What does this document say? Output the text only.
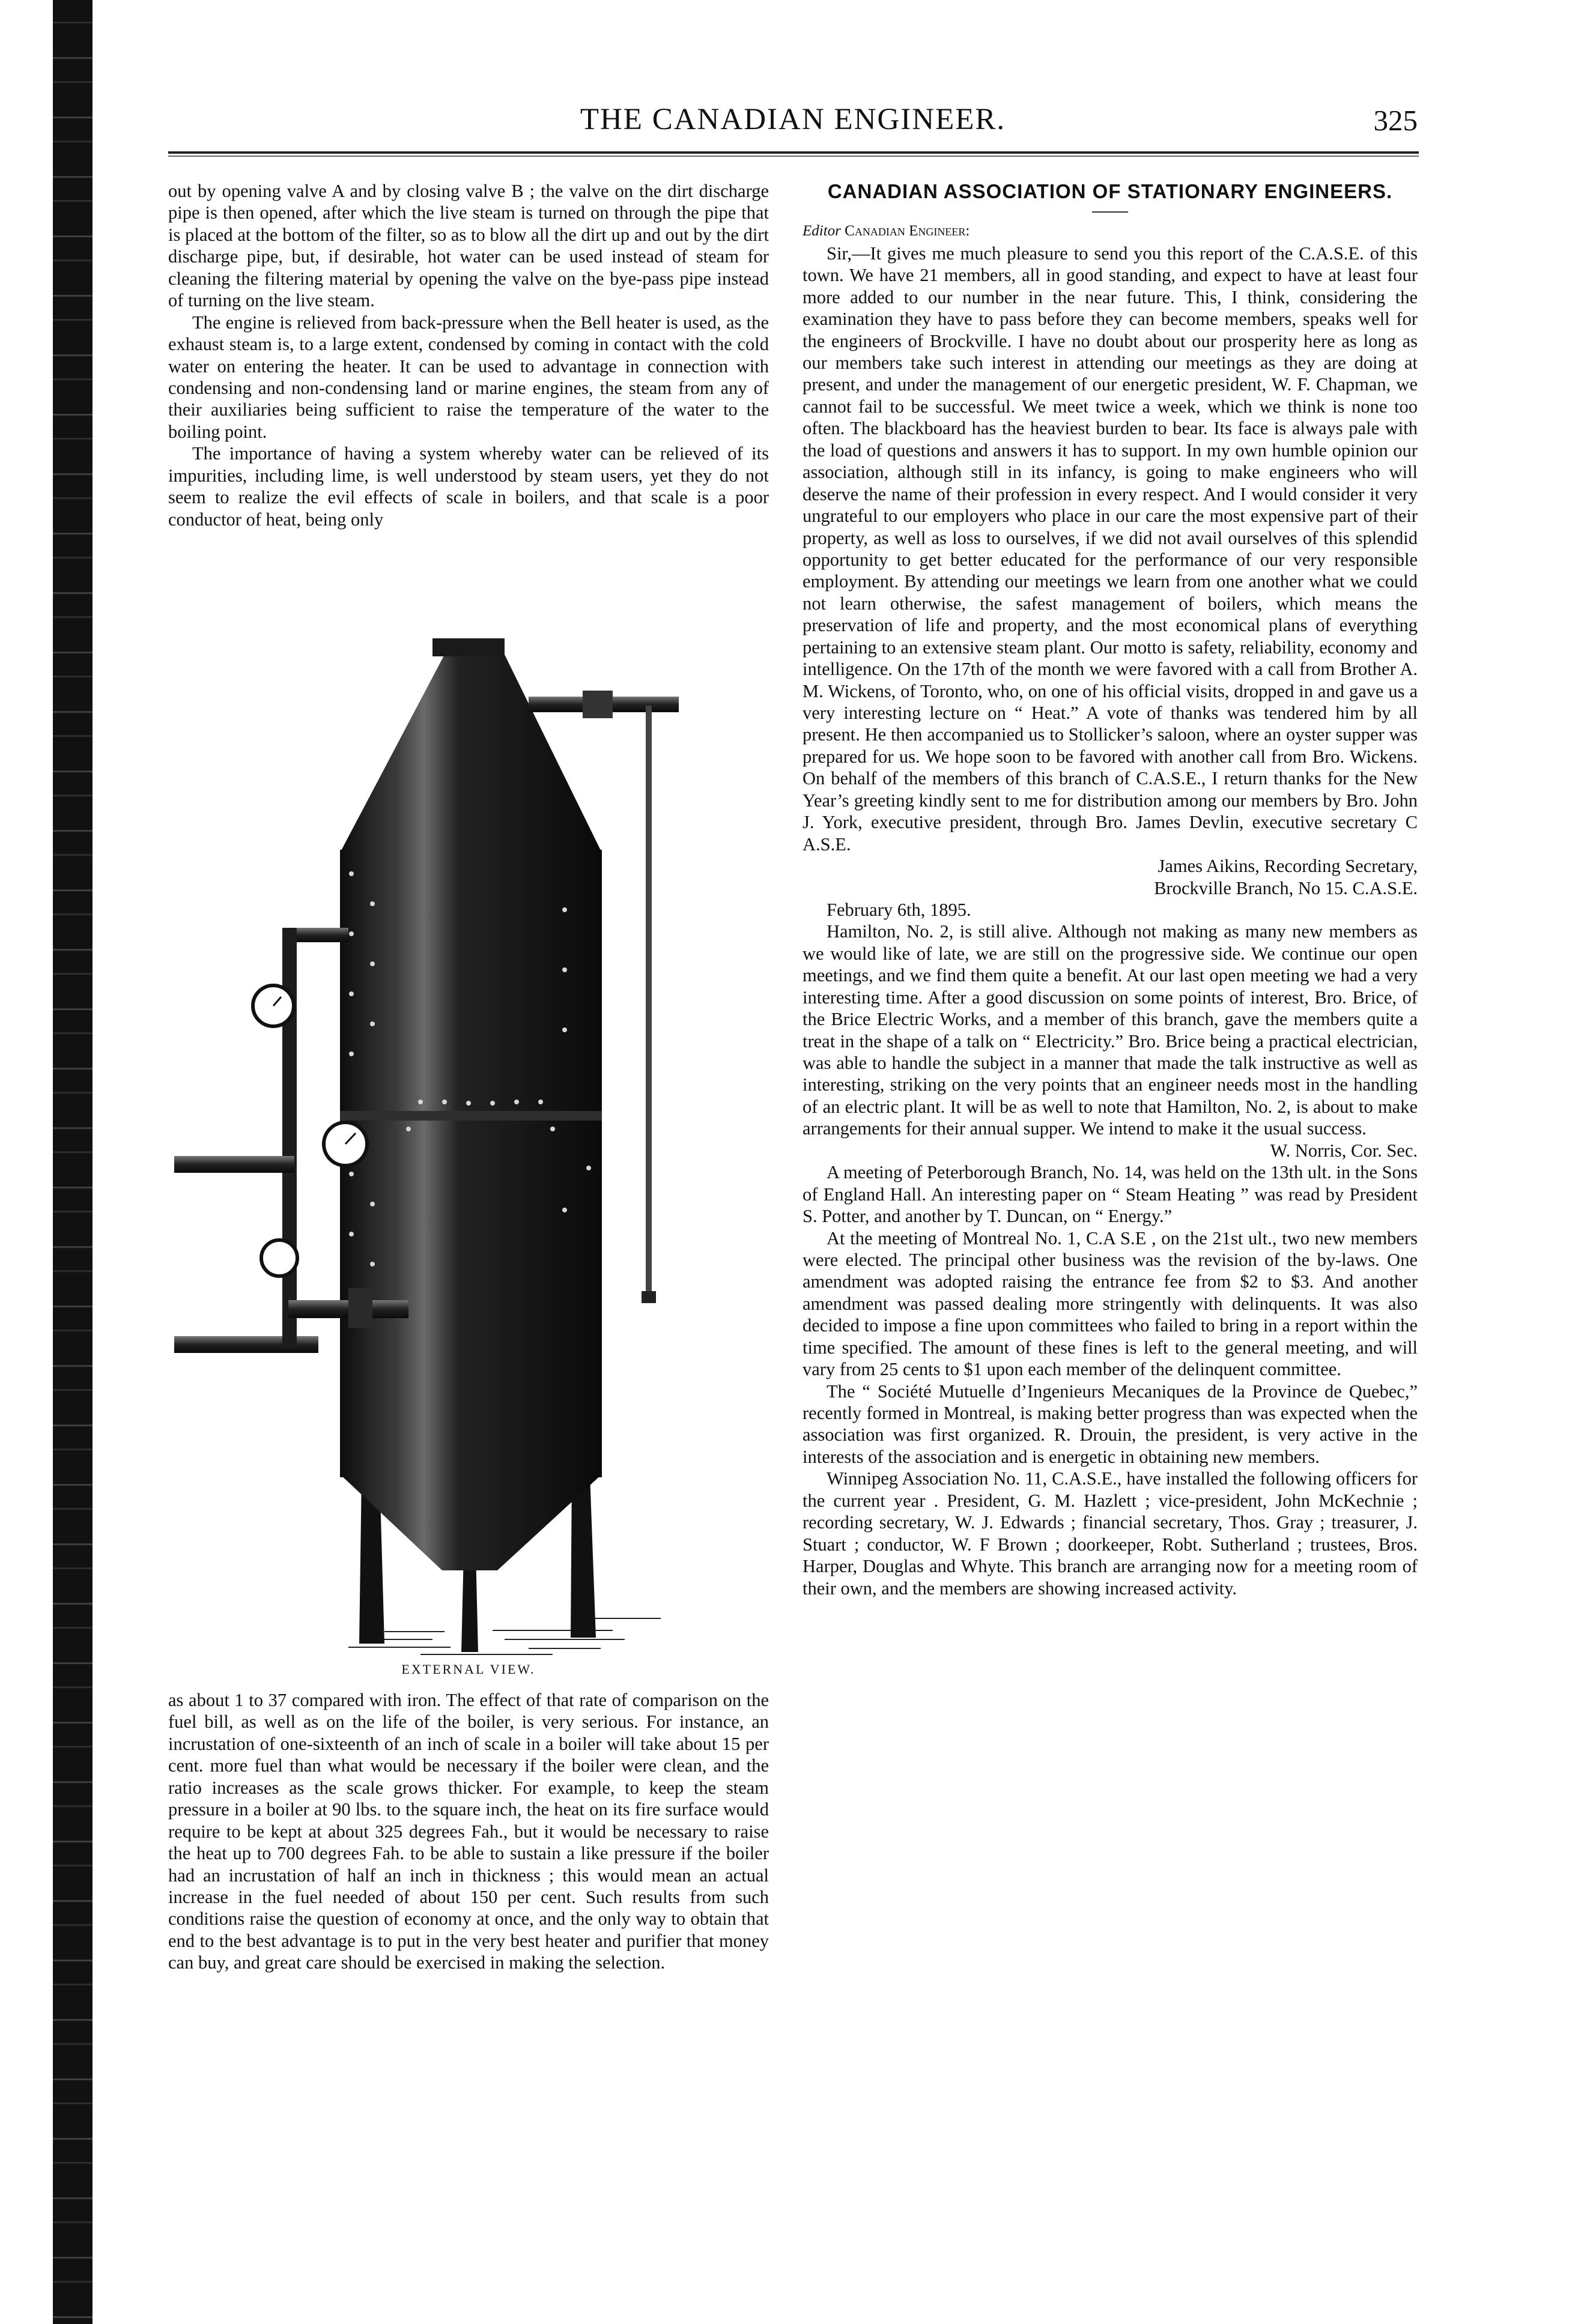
THE CANADIAN ENGINEER.	325

out by opening valve A and by closing valve B ; the valve on the dirt discharge pipe is then opened, after which the live steam is turned on through the pipe that is placed at the bottom of the filter, so as to blow all the dirt up and out by the dirt discharge pipe, but, if desirable, hot water can be used instead of steam for cleaning the filtering material by opening the valve on the bye-pass pipe instead of turning on the live steam.

The engine is relieved from back-pressure when the Bell heater is used, as the exhaust steam is, to a large extent, condensed by coming in contact with the cold water on entering the heater. It can be used to advantage in connection with condensing and non-condensing land or marine engines, the steam from any of their auxiliaries being sufficient to raise the temperature of the water to the boiling point.

The importance of having a system whereby water can be relieved of its impurities, including lime, is well understood by steam users, yet they do not seem to realize the evil effects of scale in boilers, and that scale is a poor conductor of heat, being only

EXTERNAL VIEW.

as about 1 to 37 compared with iron. The effect of that rate of comparison on the fuel bill, as well as on the life of the boiler, is very serious. For instance, an incrustation of one-sixteenth of an inch of scale in a boiler will take about 15 per cent. more fuel than what would be necessary if the boiler were clean, and the ratio increases as the scale grows thicker. For example, to keep the steam pressure in a boiler at 90 lbs. to the square inch, the heat on its fire surface would require to be kept at about 325 degrees Fah., but it would be necessary to raise the heat up to 700 degrees Fah. to be able to sustain a like pressure if the boiler had an incrustation of half an inch in thickness ; this would mean an actual increase in the fuel needed of about 150 per cent. Such results from such conditions raise the question of economy at once, and the only way to obtain that end to the best advantage is to put in the very best heater and purifier that money can buy, and great care should be exercised in making the selection.

CANADIAN ASSOCIATION OF STATIONARY ENGINEERS.
Editor Canadian Engineer:

Sir,—It gives me much pleasure to send you this report of the C.A.S.E. of this town. We have 21 members, all in good standing, and expect to have at least four more added to our number in the near future. This, I think, considering the examination they have to pass before they can become members, speaks well for the engineers of Brockville. I have no doubt about our prosperity here as long as our members take such interest in attending our meetings as they are doing at present, and under the management of our energetic president, W. F. Chapman, we cannot fail to be successful. We meet twice a week, which we think is none too often. The blackboard has the heaviest burden to bear. Its face is always pale with the load of questions and answers it has to support. In my own humble opinion our association, although still in its infancy, is going to make engineers who will deserve the name of their profession in every respect. And I would consider it very ungrateful to our employers who place in our care the most expensive part of their property, as well as loss to ourselves, if we did not avail ourselves of this splendid opportunity to get better educated for the performance of our very responsible employment. By attending our meetings we learn from one another what we could not learn otherwise, the safest management of boilers, which means the preservation of life and property, and the most economical plans of everything pertaining to an extensive steam plant. Our motto is safety, reliability, economy and intelligence. On the 17th of the month we were favored with a call from Brother A. M. Wickens, of Toronto, who, on one of his official visits, dropped in and gave us a very interesting lecture on “ Heat.” A vote of thanks was tendered him by all present. He then accompanied us to Stollicker’s saloon, where an oyster supper was prepared for us. We hope soon to be favored with another call from Bro. Wickens. On behalf of the members of this branch of C.A.S.E., I return thanks for the New Year’s greeting kindly sent to me for distribution among our members by Bro. John J. York, executive president, through Bro. James Devlin, executive secretary C A.S.E.

James Aikins, Recording Secretary,

Brockville Branch, No 15. C.A.S.E.

February 6th, 1895.

Hamilton, No. 2, is still alive. Although not making as many new members as we would like of late, we are still on the progressive side. We continue our open meetings, and we find them quite a benefit. At our last open meeting we had a very interesting time. After a good discussion on some points of interest, Bro. Brice, of the Brice Electric Works, and a member of this branch, gave the members quite a treat in the shape of a talk on “ Electricity.” Bro. Brice being a practical electrician, was able to handle the subject in a manner that made the talk instructive as well as interesting, striking on the very points that an engineer needs most in the handling of an electric plant. It will be as well to note that Hamilton, No. 2, is about to make arrangements for their annual supper. We intend to make it the usual success.

W. Norris, Cor. Sec.

A meeting of Peterborough Branch, No. 14, was held on the 13th ult. in the Sons of England Hall. An interesting paper on “ Steam Heating ” was read by President S. Potter, and another by T. Duncan, on “ Energy.”

At the meeting of Montreal No. 1, C.A S.E , on the 21st ult., two new members were elected. The principal other business was the revision of the by-laws. One amendment was adopted raising the entrance fee from $2 to $3. And another amendment was passed dealing more stringently with delinquents. It was also decided to impose a fine upon committees who failed to bring in a report within the time specified. The amount of these fines is left to the general meeting, and will vary from 25 cents to $1 upon each member of the delinquent committee.

The “ Société Mutuelle d’Ingenieurs Mecaniques de la Province de Quebec,” recently formed in Montreal, is making better progress than was expected when the association was first organized. R. Drouin, the president, is very active in the interests of the association and is energetic in obtaining new members.

Winnipeg Association No. 11, C.A.S.E., have installed the following officers for the current year . President, G. M. Hazlett ; vice-president, John McKechnie ; recording secretary, W. J. Edwards ; financial secretary, Thos. Gray ; treasurer, J. Stuart ; conductor, W. F Brown ; doorkeeper, Robt. Sutherland ; trustees, Bros. Harper, Douglas and Whyte. This branch are arranging now for a meeting room of their own, and the members are showing increased activity.
